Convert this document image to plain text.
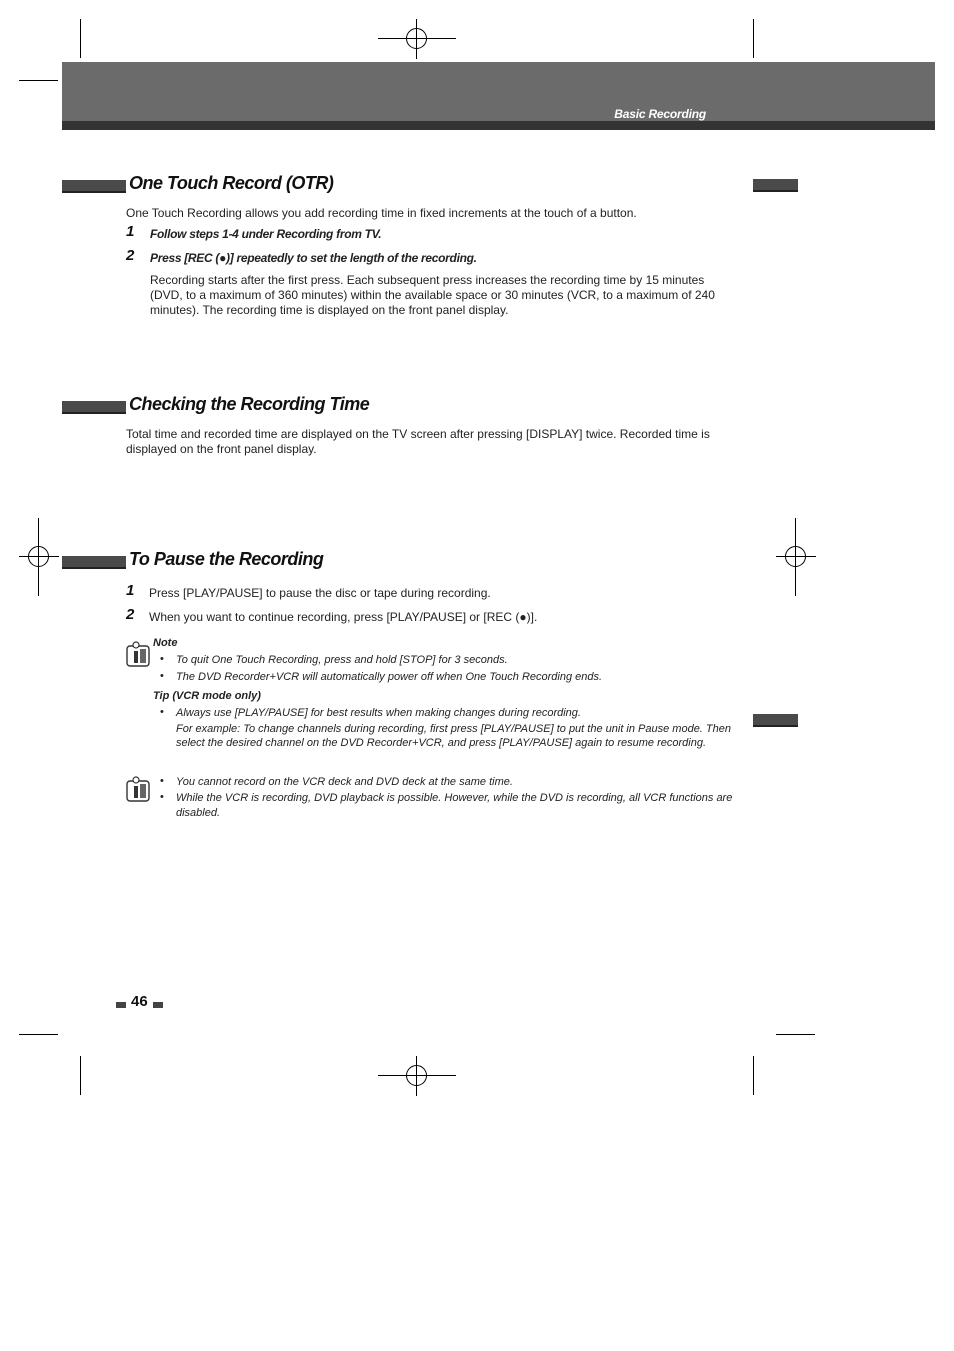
Basic Recording
One Touch Record (OTR)
One Touch Recording allows you add recording time in fixed increments at the touch of a button.
1 Follow steps 1-4 under Recording from TV.
2 Press [REC (●)] repeatedly to set the length of the recording.
Recording starts after the first press. Each subsequent press increases the recording time by 15 minutes
(DVD, to a maximum of 360 minutes) within the available space or 30 minutes (VCR, to a maximum of 240
minutes). The recording time is displayed on the front panel display.
Checking the Recording Time
Total time and recorded time are displayed on the TV screen after pressing [DISPLAY] twice. Recorded time is
displayed on the front panel display.
To Pause the Recording
1 Press [PLAY/PAUSE] to pause the disc or tape during recording.
2 When you want to continue recording, press [PLAY/PAUSE] or [REC (●)].
Note
• To quit One Touch Recording, press and hold [STOP] for 3 seconds.
• The DVD Recorder+VCR will automatically power off when One Touch Recording ends.
Tip (VCR mode only)
• Always use [PLAY/PAUSE] for best results when making changes during recording.
For example: To change channels during recording, first press [PLAY/PAUSE] to put the unit in Pause mode. Then
select the desired channel on the DVD Recorder+VCR, and press [PLAY/PAUSE] again to resume recording.
• You cannot record on the VCR deck and DVD deck at the same time.
• While the VCR is recording, DVD playback is possible. However, while the DVD is recording, all VCR functions are
disabled.
46
